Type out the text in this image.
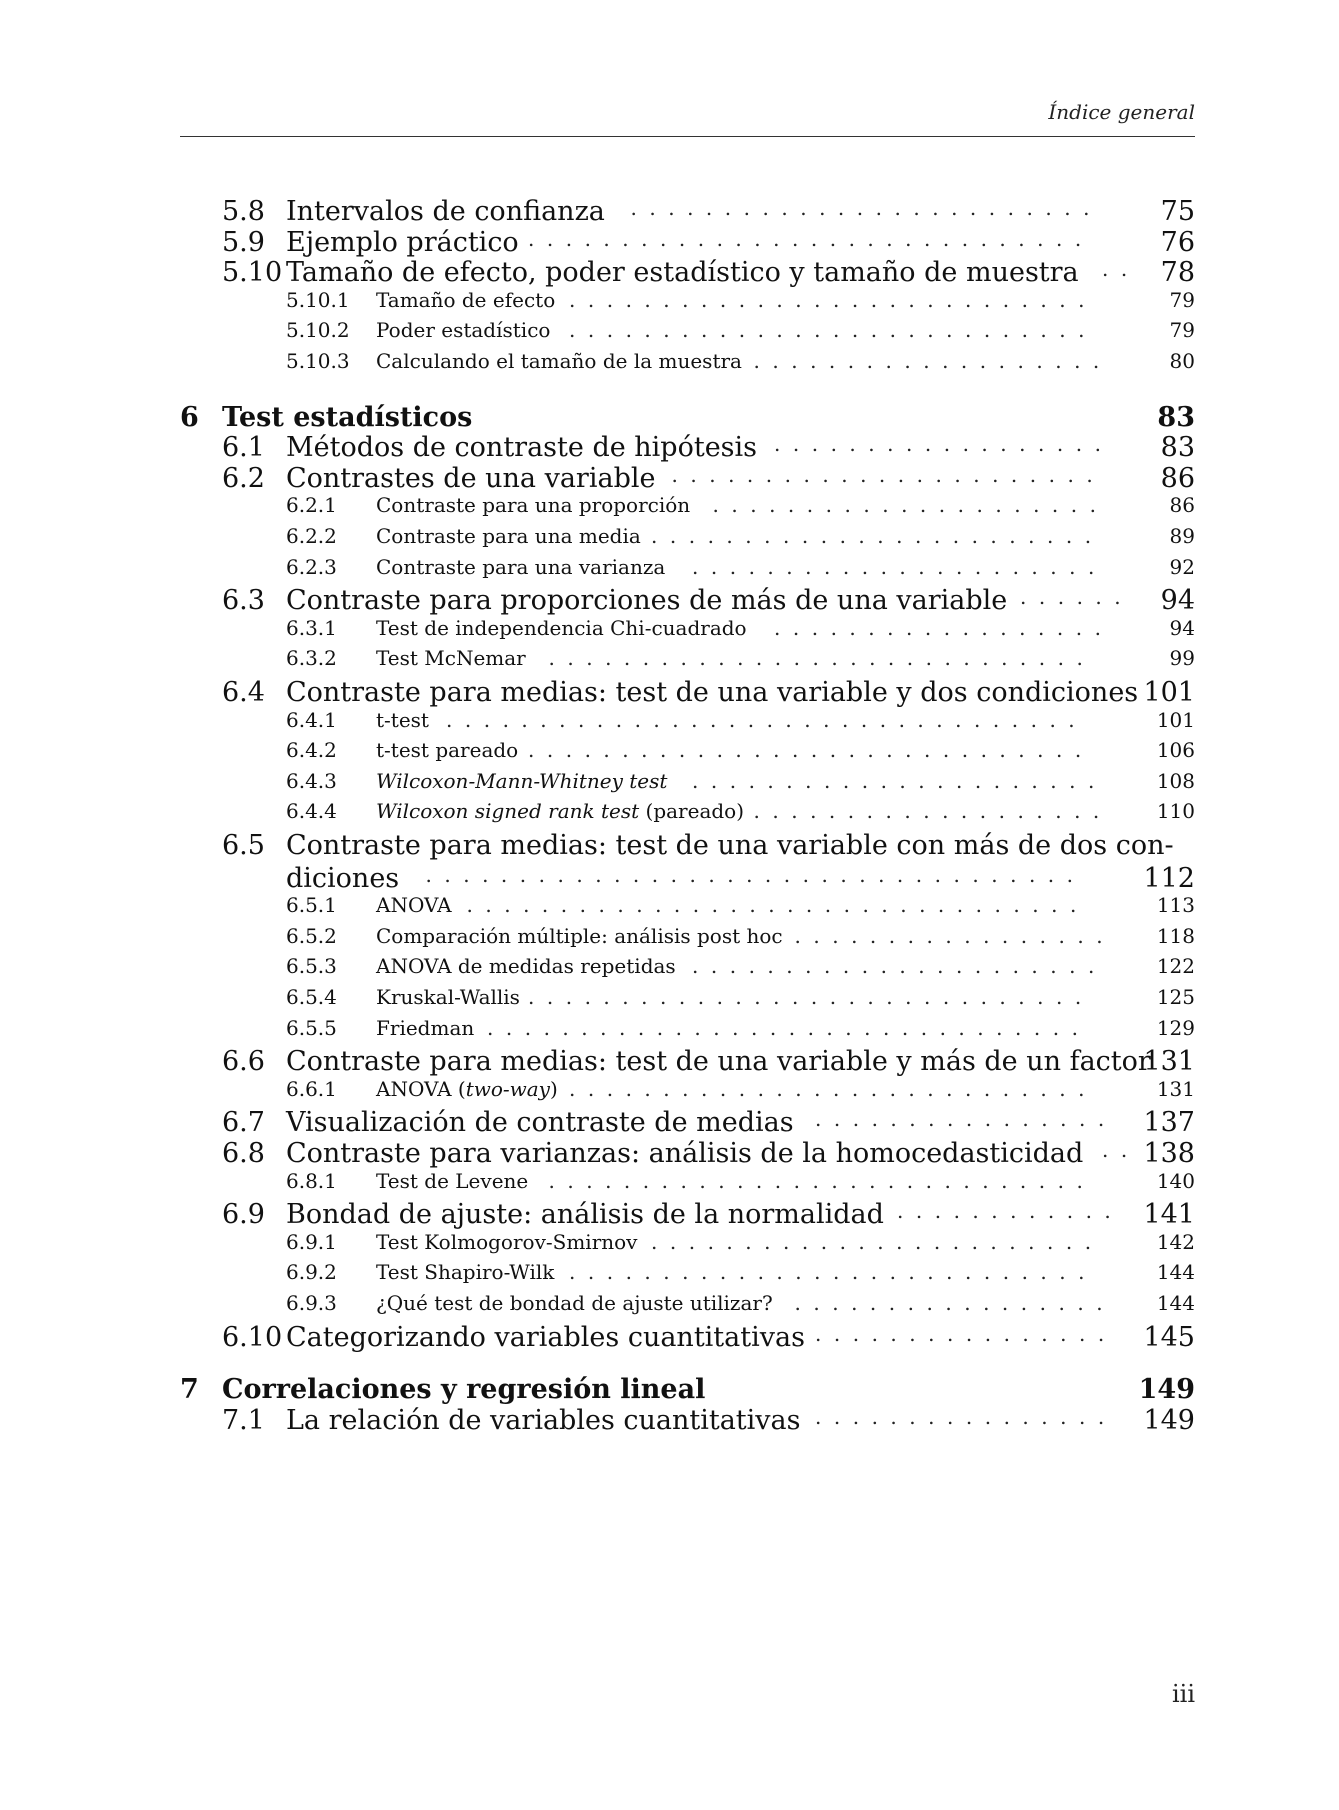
Índice general
5.8 Intervalos de confianza	75
.........................
5.9 Ejemplo práctico	76
..............................
5.10 Tamaño de efecto, poder estadístico y tamaño de muestra	78
..
5.10.1 Tamaño de efecto	79
............................
5.10.2 Poder estadístico	79
............................
5.10.3 Calculando el tamaño de la muestra	80
...................
6 Test estadísticos	83
6.1 Métodos de contraste de hipótesis	83
..................
6.2 Contrastes de una variable	86
.......................
6.2.1 Contraste para una proporción	86
.....................
6.2.2 Contraste para una media	89
........................
6.2.3 Contraste para una varianza	92
......................
6.3 Contraste para proporciones de más de una variable	94
......
6.3.1 Test de independencia Chi-cuadrado	94
..................
6.3.2 Test McNemar	99
.............................
6.4 Contraste para medias: test de una variable y dos condiciones 101
6.4.1 t-test	101
..................................
6.4.2 t-test pareado	106
..............................
6.4.3 Wilcoxon-Mann-Whitney test	108
......................
6.4.4 Wilcoxon signed rank test (pareado)	110
...................
6.5 Contraste para medias: test de una variable con más de dos con-
diciones	112
...................................
6.5.1 ANOVA	113
.................................
6.5.2 Comparación múltiple: análisis post hoc	118
.................
6.5.3 ANOVA de medidas repetidas	122
......................
6.5.4 Kruskal-Wallis	125
..............................
6.5.5 Friedman	129
................................
6.6 Contraste para medias: test de una variable y más de un factor
131
6.6.1 ANOVA (two-way)	131
............................
6.7 Visualización de contraste de medias	137
................
6.8 Contraste para varianzas: análisis de la homocedasticidad 138
..
6.8.1 Test de Levene	140
.............................
6.9 Bondad de ajuste: análisis de la normalidad	141
............
6.9.1 Test Kolmogorov-Smirnov	142
........................
6.9.2 Test Shapiro-Wilk	144
............................
6.9.3 ¿Qué test de bondad de ajuste utilizar?	144
.................
6.10 Categorizando variables cuantitativas	145
................
7 Correlaciones y regresión lineal	149
7.1 La relación de variables cuantitativas	149
................
iii
